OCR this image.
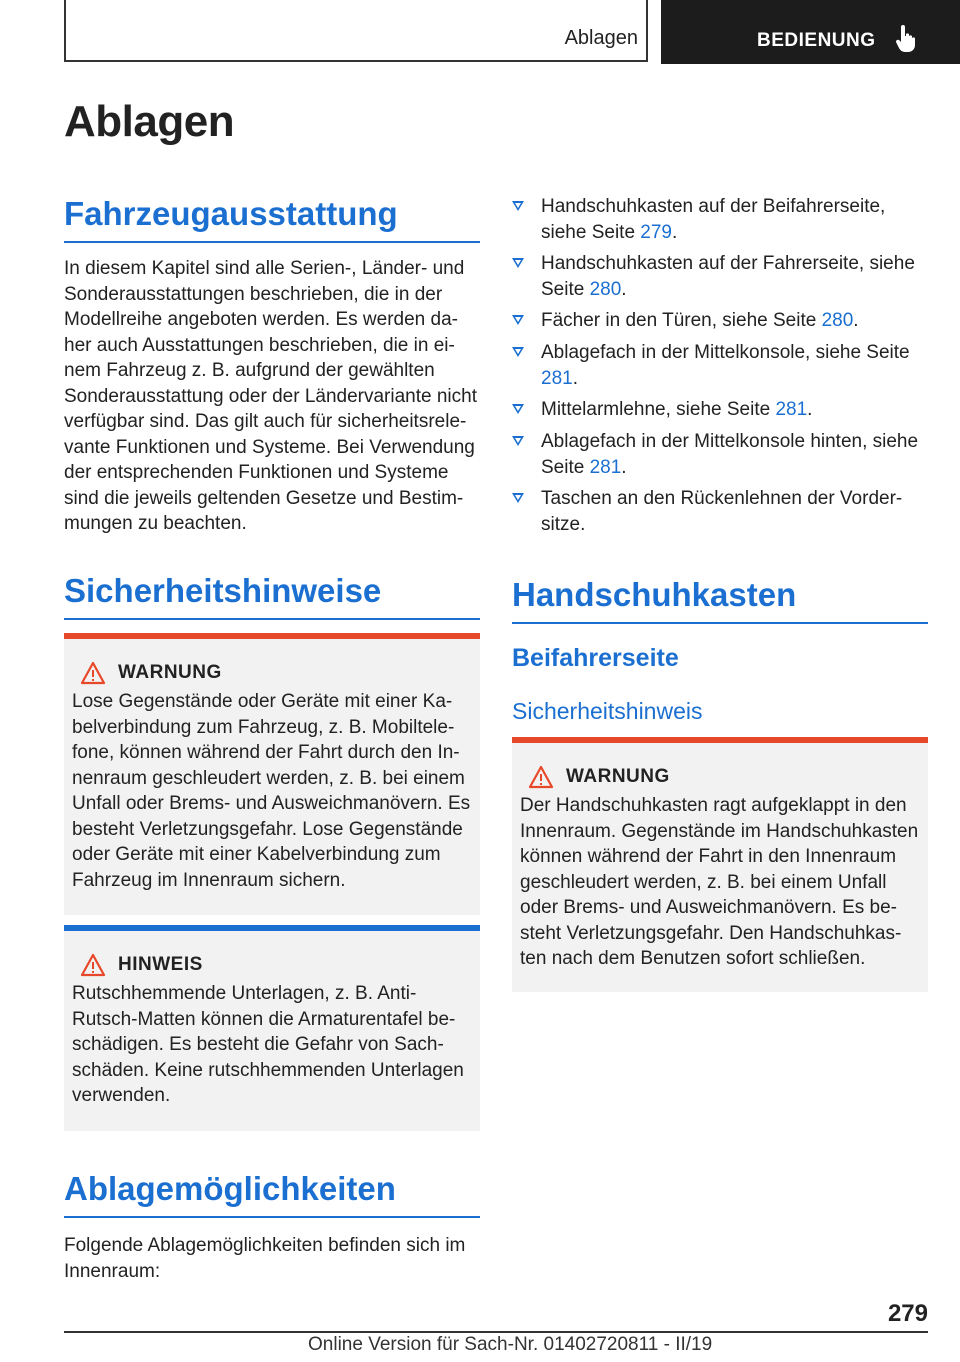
Ablagen	BEDIENUNG
Ablagen
Fahrzeugausstattung

In diesem Kapitel sind alle Serien-, Länder- und Sonderausstattungen beschrieben, die in der Modellreihe angeboten werden. Es werden da- her auch Ausstattungen beschrieben, die in ei- nem Fahrzeug z. B. aufgrund der gewählten Sonderausstattung oder der Ländervariante nicht verfügbar sind. Das gilt auch für sicherheitsrele- vante Funktionen und Systeme. Bei Verwendung der entsprechenden Funktionen und Systeme sind die jeweils geltenden Gesetze und Bestim- mungen zu beachten.

Sicherheitshinweise
WARNUNG
Lose Gegenstände oder Geräte mit einer Ka- belverbindung zum Fahrzeug, z. B. Mobiltele- fone, können während der Fahrt durch den In- nenraum geschleudert werden, z. B. bei einem Unfall oder Brems- und Ausweichmanövern. Es besteht Verletzungsgefahr. Lose Gegenstände oder Geräte mit einer Kabelverbindung zum Fahrzeug im Innenraum sichern.
HINWEIS
Rutschhemmende Unterlagen, z. B. Anti- Rutsch-Matten können die Armaturentafel be- schädigen. Es besteht die Gefahr von Sach- schäden. Keine rutschhemmenden Unterlagen verwenden.
Ablagemöglichkeiten

Folgende Ablagemöglichkeiten befinden sich im Innenraum:

Handschuhkasten auf der Beifahrerseite, siehe Seite 279.
Handschuhkasten auf der Fahrerseite, siehe Seite 280.
Fächer in den Türen, siehe Seite 280.
Ablagefach in der Mittelkonsole, siehe Seite 281.
Mittelarmlehne, siehe Seite 281.
Ablagefach in der Mittelkonsole hinten, siehe Seite 281.
Taschen an den Rückenlehnen der Vorder- sitze.
Handschuhkasten
Beifahrerseite
Sicherheitshinweis
WARNUNG
Der Handschuhkasten ragt aufgeklappt in den Innenraum. Gegenstände im Handschuhkasten können während der Fahrt in den Innenraum geschleudert werden, z. B. bei einem Unfall oder Brems- und Ausweichmanövern. Es be- steht Verletzungsgefahr. Den Handschuhkas- ten nach dem Benutzen sofort schließen.
279
Online Version für Sach-Nr. 01402720811 - II/19
